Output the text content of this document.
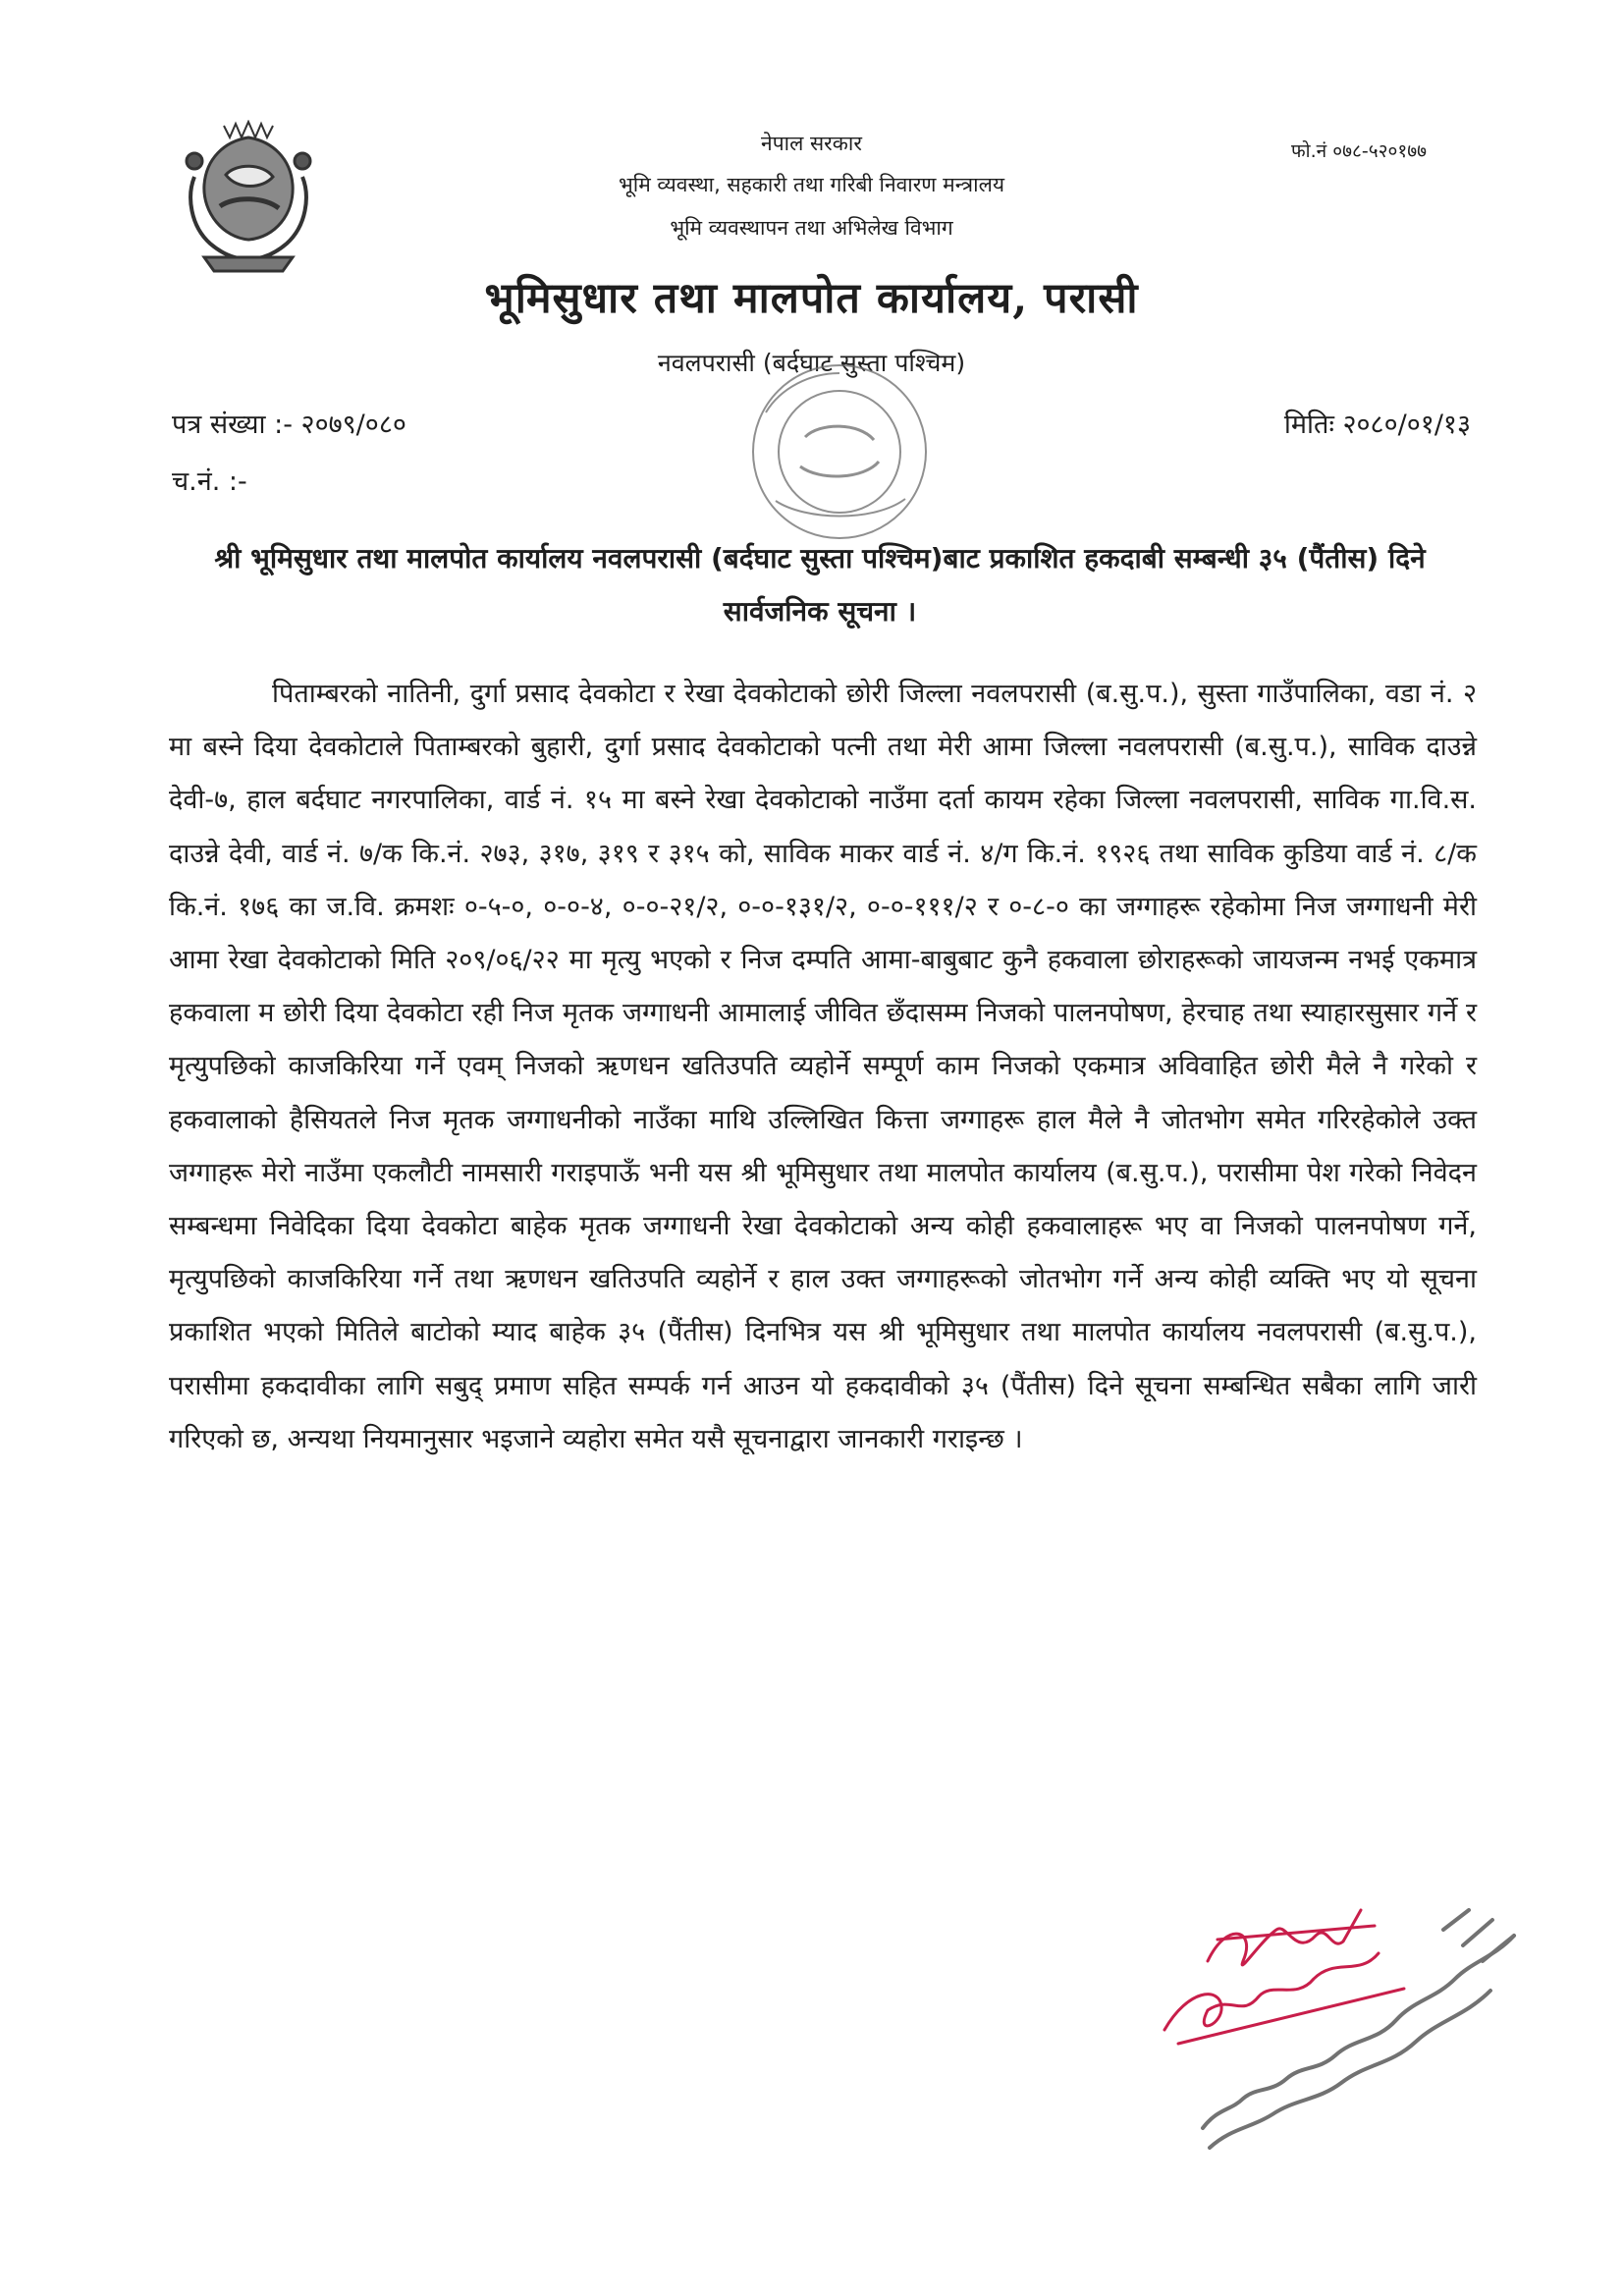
नेपाल सरकार
भूमि व्यवस्था, सहकारी तथा गरिबी निवारण मन्त्रालय
भूमि व्यवस्थापन तथा अभिलेख विभाग
भूमिसुधार तथा मालपोत कार्यालय, परासी
नवलपरासी (बर्दघाट सुस्ता पश्चिम)
फो.नं ०७८-५२०१७७
पत्र संख्या :- २०७९/०८०	मितिः २०८०/०१/१३
च.नं. :-
श्री भूमिसुधार तथा मालपोत कार्यालय नवलपरासी (बर्दघाट सुस्ता पश्चिम)बाट प्रकाशित हकदाबी सम्बन्धी ३५ (पैंतीस) दिने सार्वजनिक सूचना ।
पिताम्बरको नातिनी, दुर्गा प्रसाद देवकोटा र रेखा देवकोटाको छोरी जिल्ला नवलपरासी (ब.सु.प.), सुस्ता गाउँपालिका, वडा नं. २ मा बस्ने दिया देवकोटाले पिताम्बरको बुहारी, दुर्गा प्रसाद देवकोटाको पत्नी तथा मेरी आमा जिल्ला नवलपरासी (ब.सु.प.), साविक दाउन्ने देवी-७, हाल बर्दघाट नगरपालिका, वार्ड नं. १५ मा बस्ने रेखा देवकोटाको नाउँमा दर्ता कायम रहेका जिल्ला नवलपरासी, साविक गा.वि.स. दाउन्ने देवी, वार्ड नं. ७/क कि.नं. २७३, ३१७, ३१९ र ३१५ को, साविक माकर वार्ड नं. ४/ग कि.नं. १९२६ तथा साविक कुडिया वार्ड नं. ८/क कि.नं. १७६ का ज.वि. क्रमशः ०-५-०, ०-०-४, ०-०-२१/२, ०-०-१३१/२, ०-०-१११/२ र ०-८-० का जग्गाहरू रहेकोमा निज जग्गाधनी मेरी आमा रेखा देवकोटाको मिति २०९/०६/२२ मा मृत्यु भएको र निज दम्पति आमा-बाबुबाट कुनै हकवाला छोराहरूको जायजन्म नभई एकमात्र हकवाला म छोरी दिया देवकोटा रही निज मृतक जग्गाधनी आमालाई जीवित छँदासम्म निजको पालनपोषण, हेरचाह तथा स्याहारसुसार गर्ने र मृत्युपछिको काजकिरिया गर्ने एवम् निजको ऋणधन खतिउपति व्यहोर्ने सम्पूर्ण काम निजको एकमात्र अविवाहित छोरी मैले नै गरेको र हकवालाको हैसियतले निज मृतक जग्गाधनीको नाउँका माथि उल्लिखित कित्ता जग्गाहरू हाल मैले नै जोतभोग समेत गरिरहेकोले उक्त जग्गाहरू मेरो नाउँमा एकलौटी नामसारी गराइपाऊँ भनी यस श्री भूमिसुधार तथा मालपोत कार्यालय (ब.सु.प.), परासीमा पेश गरेको निवेदन सम्बन्धमा निवेदिका दिया देवकोटा बाहेक मृतक जग्गाधनी रेखा देवकोटाको अन्य कोही हकवालाहरू भए वा निजको पालनपोषण गर्ने, मृत्युपछिको काजकिरिया गर्ने तथा ऋणधन खतिउपति व्यहोर्ने र हाल उक्त जग्गाहरूको जोतभोग गर्ने अन्य कोही व्यक्ति भए यो सूचना प्रकाशित भएको मितिले बाटोको म्याद बाहेक ३५ (पैंतीस) दिनभित्र यस श्री भूमिसुधार तथा मालपोत कार्यालय नवलपरासी (ब.सु.प.), परासीमा हकदावीका लागि सबुद् प्रमाण सहित सम्पर्क गर्न आउन यो हकदावीको ३५ (पैंतीस) दिने सूचना सम्बन्धित सबैका लागि जारी गरिएको छ, अन्यथा नियमानुसार भइजाने व्यहोरा समेत यसै सूचनाद्वारा जानकारी गराइन्छ ।
